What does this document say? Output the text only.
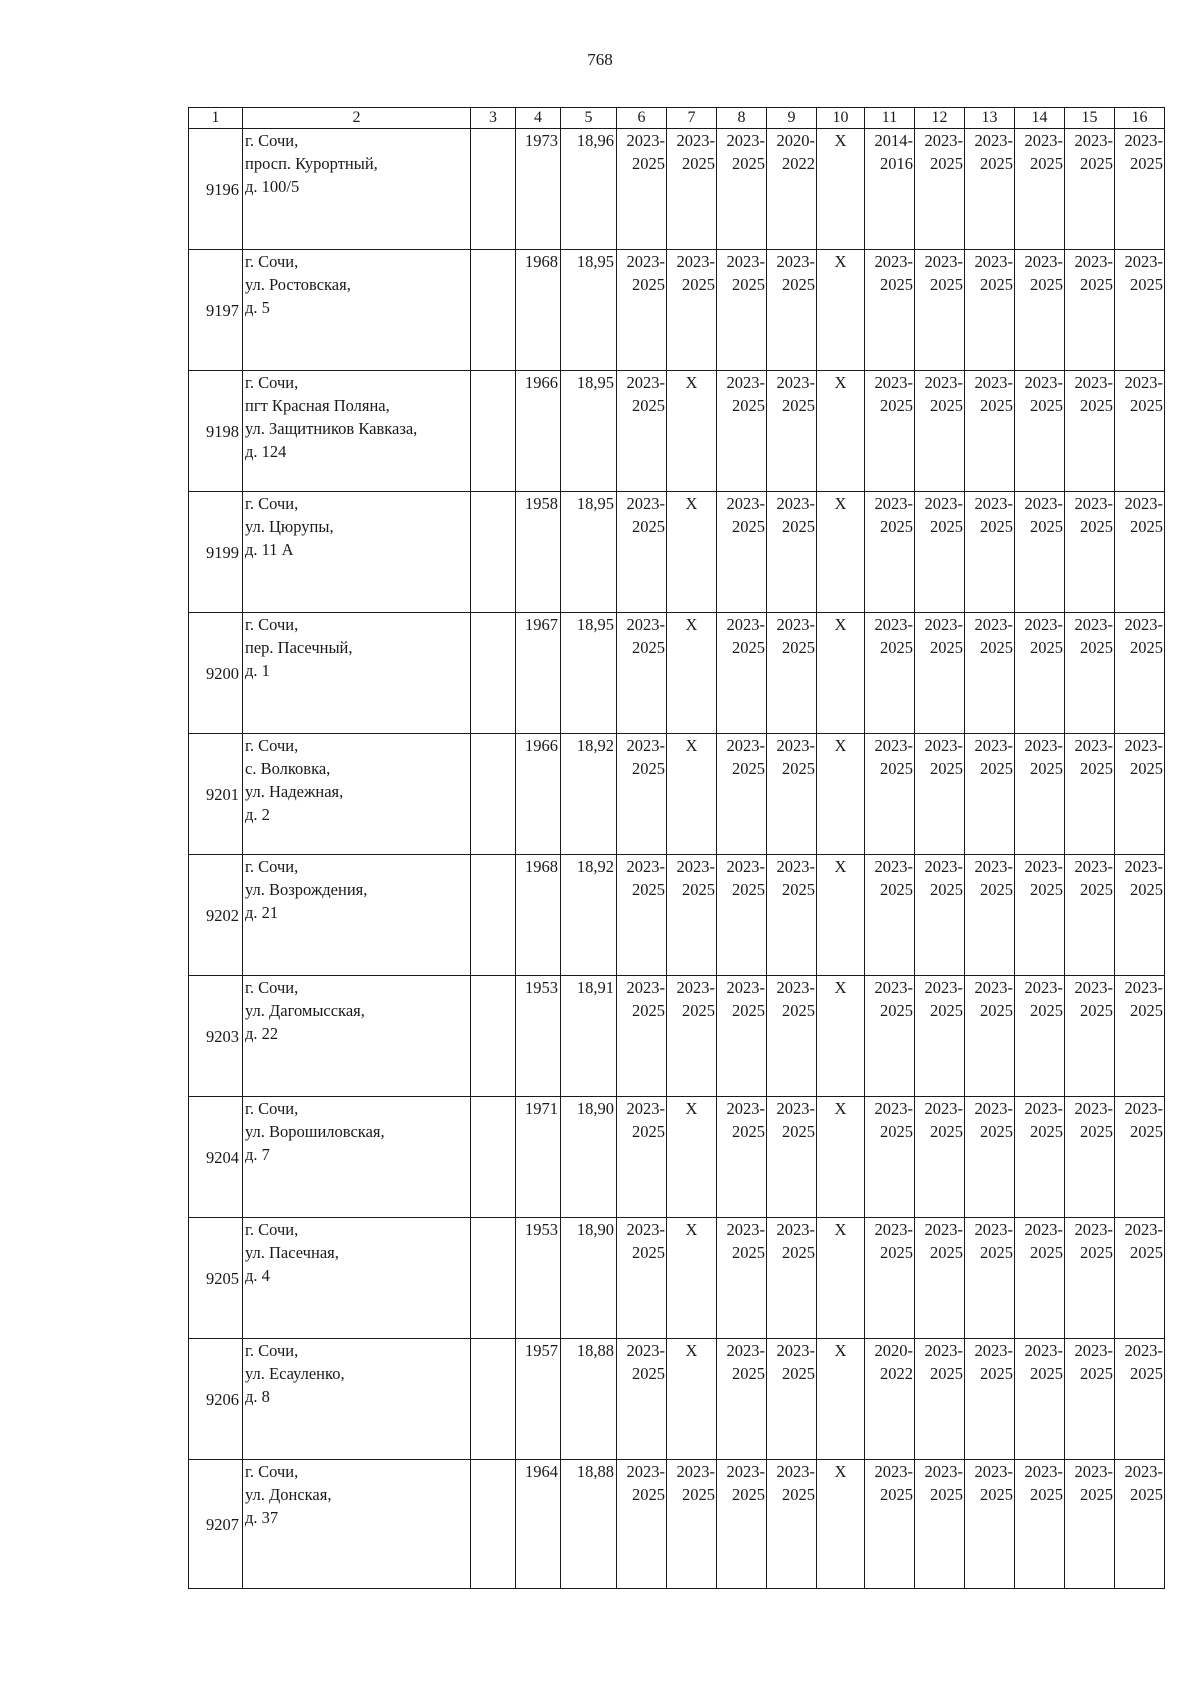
768
1	2	3	4	5	6	7	8	9	10	11	12	13	14	15	16
9196	г. Сочи,
просп. Курортный,
д. 100/5		1973	18,96	2023-
2025	2023-
2025	2023-
2025	2020-
2022	X	2014-
2016	2023-
2025	2023-
2025	2023-
2025	2023-
2025	2023-
2025

9197	г. Сочи,
ул. Ростовская,
д. 5		1968	18,95	2023-
2025	2023-
2025	2023-
2025	2023-
2025	X	2023-
2025	2023-
2025	2023-
2025	2023-
2025	2023-
2025	2023-
2025

9198	г. Сочи,
пгт Красная Поляна,
ул. Защитников Кавказа,
д. 124		1966	18,95	2023-
2025	X	2023-
2025	2023-
2025	X	2023-
2025	2023-
2025	2023-
2025	2023-
2025	2023-
2025	2023-
2025

9199	г. Сочи,
ул. Цюрупы,
д. 11 А		1958	18,95	2023-
2025	X	2023-
2025	2023-
2025	X	2023-
2025	2023-
2025	2023-
2025	2023-
2025	2023-
2025	2023-
2025

9200	г. Сочи,
пер. Пасечный,
д. 1		1967	18,95	2023-
2025	X	2023-
2025	2023-
2025	X	2023-
2025	2023-
2025	2023-
2025	2023-
2025	2023-
2025	2023-
2025

9201	г. Сочи,
с. Волковка,
ул. Надежная,
д. 2		1966	18,92	2023-
2025	X	2023-
2025	2023-
2025	X	2023-
2025	2023-
2025	2023-
2025	2023-
2025	2023-
2025	2023-
2025

9202	г. Сочи,
ул. Возрождения,
д. 21		1968	18,92	2023-
2025	2023-
2025	2023-
2025	2023-
2025	X	2023-
2025	2023-
2025	2023-
2025	2023-
2025	2023-
2025	2023-
2025

9203	г. Сочи,
ул. Дагомысская,
д. 22		1953	18,91	2023-
2025	2023-
2025	2023-
2025	2023-
2025	X	2023-
2025	2023-
2025	2023-
2025	2023-
2025	2023-
2025	2023-
2025

9204	г. Сочи,
ул. Ворошиловская,
д. 7		1971	18,90	2023-
2025	X	2023-
2025	2023-
2025	X	2023-
2025	2023-
2025	2023-
2025	2023-
2025	2023-
2025	2023-
2025

9205	г. Сочи,
ул. Пасечная,
д. 4		1953	18,90	2023-
2025	X	2023-
2025	2023-
2025	X	2023-
2025	2023-
2025	2023-
2025	2023-
2025	2023-
2025	2023-
2025

9206	г. Сочи,
ул. Есауленко,
д. 8		1957	18,88	2023-
2025	X	2023-
2025	2023-
2025	X	2020-
2022	2023-
2025	2023-
2025	2023-
2025	2023-
2025	2023-
2025

9207	г. Сочи,
ул. Донская,
д. 37		1964	18,88	2023-
2025	2023-
2025	2023-
2025	2023-
2025	X	2023-
2025	2023-
2025	2023-
2025	2023-
2025	2023-
2025	2023-
2025
